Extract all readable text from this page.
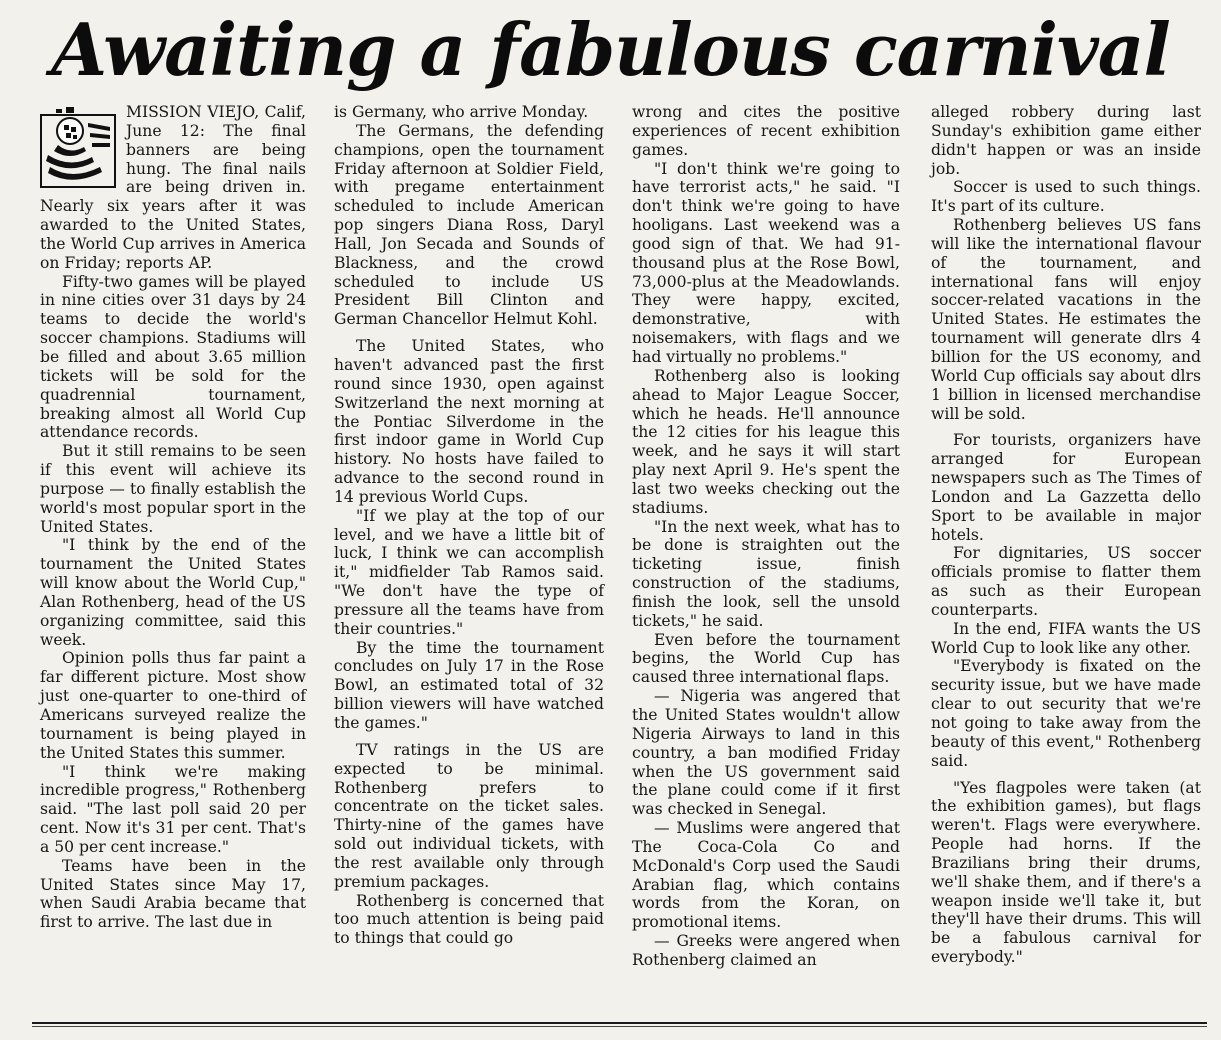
Awaiting a fabulous carnival

MISSION VIEJO, Calif, June 12: The final banners are being hung. The final nails are being driven in. Nearly six years after it was awarded to the United States, the World Cup arrives in America on Friday; reports AP.

Fifty-two games will be played in nine cities over 31 days by 24 teams to decide the world's soccer champions. Stadiums will be filled and about 3.65 million tickets will be sold for the quadrennial tournament, breaking almost all World Cup attendance records.

But it still remains to be seen if this event will achieve its purpose — to finally establish the world's most popular sport in the United States.

"I think by the end of the tournament the United States will know about the World Cup," Alan Rothenberg, head of the US organizing committee, said this week.

Opinion polls thus far paint a far different picture. Most show just one-quarter to one-third of Americans surveyed realize the tournament is being played in the United States this summer.

"I think we're making incredible progress," Rothenberg said. "The last poll said 20 per cent. Now it's 31 per cent. That's a 50 per cent increase."

Teams have been in the United States since May 17, when Saudi Arabia became that first to arrive. The last due in

is Germany, who arrive Monday.

The Germans, the defending champions, open the tournament Friday afternoon at Soldier Field, with pregame entertainment scheduled to include American pop singers Diana Ross, Daryl Hall, Jon Secada and Sounds of Blackness, and the crowd scheduled to include US President Bill Clinton and German Chancellor Helmut Kohl.

The United States, who haven't advanced past the first round since 1930, open against Switzerland the next morning at the Pontiac Silverdome in the first indoor game in World Cup history. No hosts have failed to advance to the second round in 14 previous World Cups.

"If we play at the top of our level, and we have a little bit of luck, I think we can accomplish it," midfielder Tab Ramos said. "We don't have the type of pressure all the teams have from their countries."

By the time the tournament concludes on July 17 in the Rose Bowl, an estimated total of 32 billion viewers will have watched the games."

TV ratings in the US are expected to be minimal. Rothenberg prefers to concentrate on the ticket sales. Thirty-nine of the games have sold out individual tickets, with the rest available only through premium packages.

Rothenberg is concerned that too much attention is being paid to things that could go

wrong and cites the positive experiences of recent exhibition games.

"I don't think we're going to have terrorist acts," he said. "I don't think we're going to have hooligans. Last weekend was a good sign of that. We had 91-thousand plus at the Rose Bowl, 73,000-plus at the Meadowlands. They were happy, excited, demonstrative, with noisemakers, with flags and we had virtually no problems."

Rothenberg also is looking ahead to Major League Soccer, which he heads. He'll announce the 12 cities for his league this week, and he says it will start play next April 9. He's spent the last two weeks checking out the stadiums.

"In the next week, what has to be done is straighten out the ticketing issue, finish construction of the stadiums, finish the look, sell the unsold tickets," he said.

Even before the tournament begins, the World Cup has caused three international flaps.

— Nigeria was angered that the United States wouldn't allow Nigeria Airways to land in this country, a ban modified Friday when the US government said the plane could come if it first was checked in Senegal.

— Muslims were angered that The Coca-Cola Co and McDonald's Corp used the Saudi Arabian flag, which contains words from the Koran, on promotional items.

— Greeks were angered when Rothenberg claimed an

alleged robbery during last Sunday's exhibition game either didn't happen or was an inside job.

Soccer is used to such things. It's part of its culture.

Rothenberg believes US fans will like the international flavour of the tournament, and international fans will enjoy soccer-related vacations in the United States. He estimates the tournament will generate dlrs 4 billion for the US economy, and World Cup officials say about dlrs 1 billion in licensed merchandise will be sold.

For tourists, organizers have arranged for European newspapers such as The Times of London and La Gazzetta dello Sport to be available in major hotels.

For dignitaries, US soccer officials promise to flatter them as such as their European counterparts.

In the end, FIFA wants the US World Cup to look like any other.

"Everybody is fixated on the security issue, but we have made clear to out security that we're not going to take away from the beauty of this event," Rothenberg said.

"Yes flagpoles were taken (at the exhibition games), but flags weren't. Flags were everywhere. People had horns. If the Brazilians bring their drums, we'll shake them, and if there's a weapon inside we'll take it, but they'll have their drums. This will be a fabulous carnival for everybody."
